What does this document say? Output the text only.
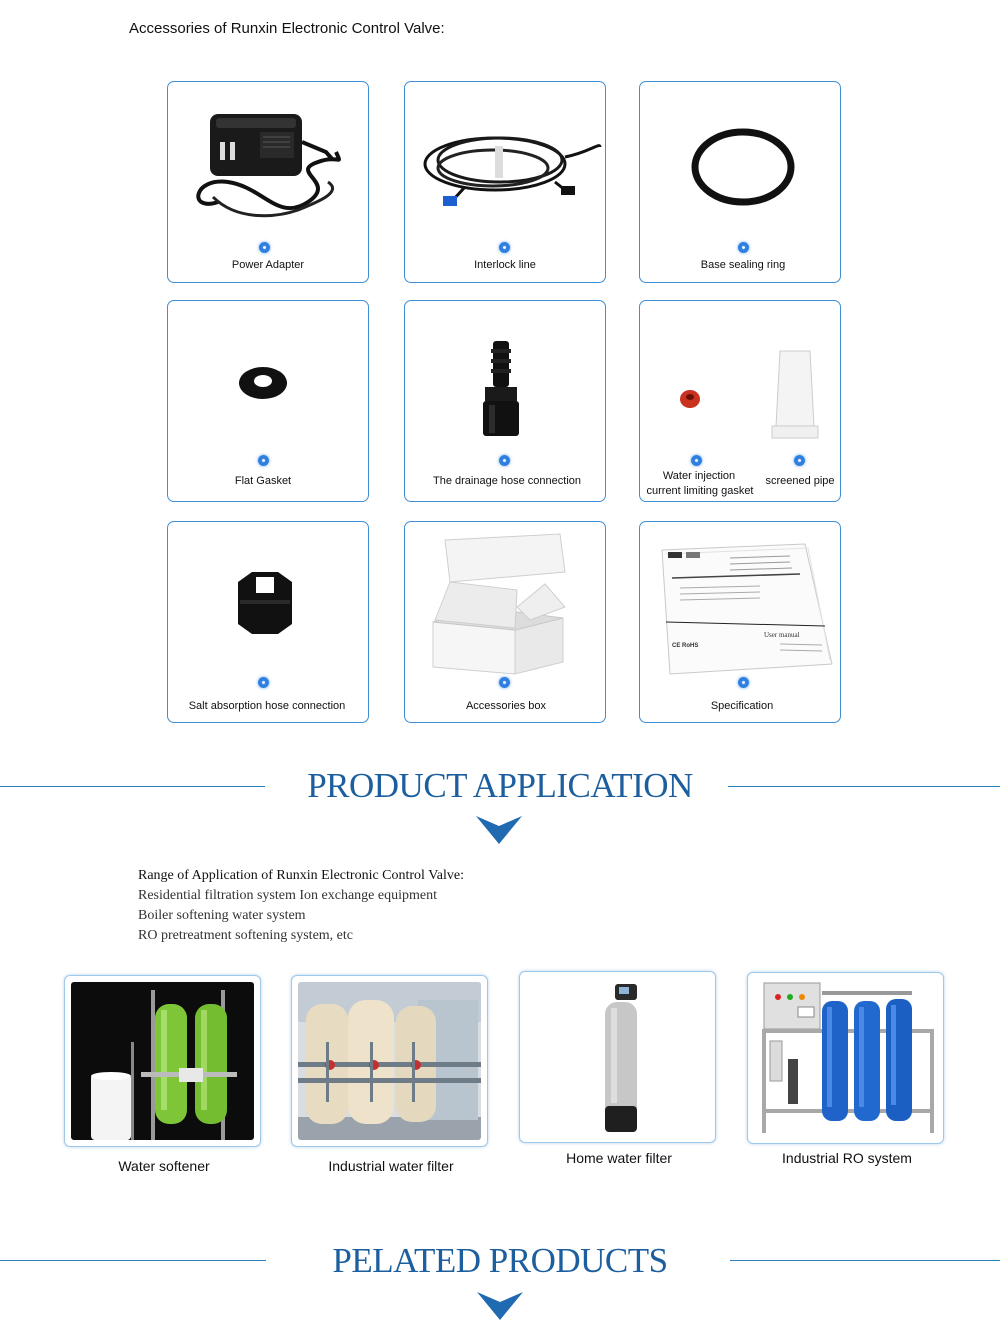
Accessories of Runxin Electronic Control Valve:
Power Adapter	Interlock line	Base sealing ring
Flat Gasket	The drainage hose connection	Water injection
current limiting gasket
screened pipe
Salt absorption hose connection	Accessories box
User manual
CE RoHS
Specification
PRODUCT APPLICATION
Range of Application of Runxin Electronic Control Valve:
Residential filtration system Ion exchange equipment
Boiler softening water system
RO pretreatment softening system, etc
Water softener	Industrial water filter	Home water filter	Industrial RO system
PELATED PRODUCTS
